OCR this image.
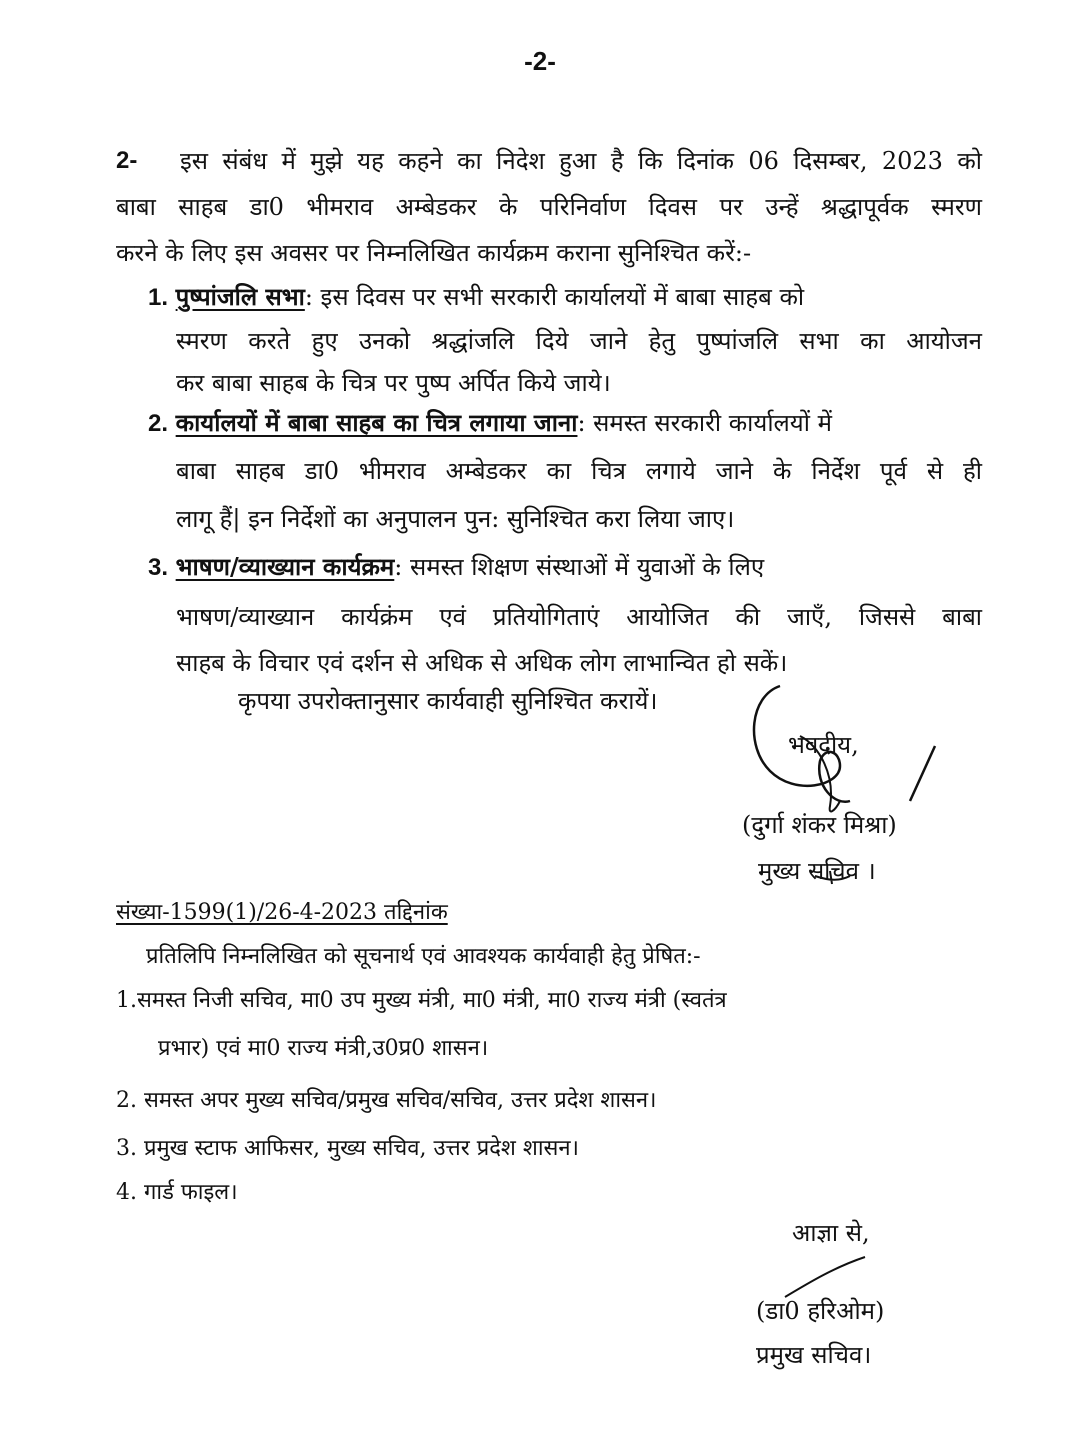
-2-
2- इस संबंध में मुझे यह कहने का निदेश हुआ है कि दिनांक 06 दिसम्बर, 2023 को
बाबा साहब डा0 भीमराव अम्बेडकर के परिनिर्वाण दिवस पर उन्हें श्रद्धापूर्वक स्मरण
करने के लिए इस अवसर पर निम्नलिखित कार्यक्रम कराना सुनिश्चित करें:-
1. पुष्पांजलि सभा: इस दिवस पर सभी सरकारी कार्यालयों में बाबा साहब को
स्मरण करते हुए उनको श्रद्धांजलि दिये जाने हेतु पुष्पांजलि सभा का आयोजन
कर बाबा साहब के चित्र पर पुष्प अर्पित किये जाये।
2. कार्यालयों में बाबा साहब का चित्र लगाया जाना: समस्त सरकारी कार्यालयों में
बाबा साहब डा0 भीमराव अम्बेडकर का चित्र लगाये जाने के निर्देश पूर्व से ही
लागू हैं| इन निर्देशों का अनुपालन पुन: सुनिश्चित करा लिया जाए।
3. भाषण/व्याख्यान कार्यक्रम: समस्त शिक्षण संस्थाओं में युवाओं के लिए
भाषण/व्याख्यान कार्यक्रंम एवं प्रतियोगिताएं आयोजित की जाएँ, जिससे बाबा
साहब के विचार एवं दर्शन से अधिक से अधिक लोग लाभान्वित हो सकें।
कृपया उपरोक्तानुसार कार्यवाही सुनिश्चित करायें।
भवदीय,
(दुर्गा शंकर मिश्रा)
मुख्य सचिव ।
संख्या-1599(1)/26-4-2023 तद्दिनांक
प्रतिलिपि निम्नलिखित को सूचनार्थ एवं आवश्यक कार्यवाही हेतु प्रेषित:-
1.समस्त निजी सचिव, मा0 उप मुख्य मंत्री, मा0 मंत्री, मा0 राज्य मंत्री (स्वतंत्र
प्रभार) एवं मा0 राज्य मंत्री,उ0प्र0 शासन।
2. समस्त अपर मुख्य सचिव/प्रमुख सचिव/सचिव, उत्तर प्रदेश शासन।
3. प्रमुख स्टाफ आफिसर, मुख्य सचिव, उत्तर प्रदेश शासन।
4. गार्ड फाइल।
आज्ञा से,
(डा0 हरिओम)
प्रमुख सचिव।
